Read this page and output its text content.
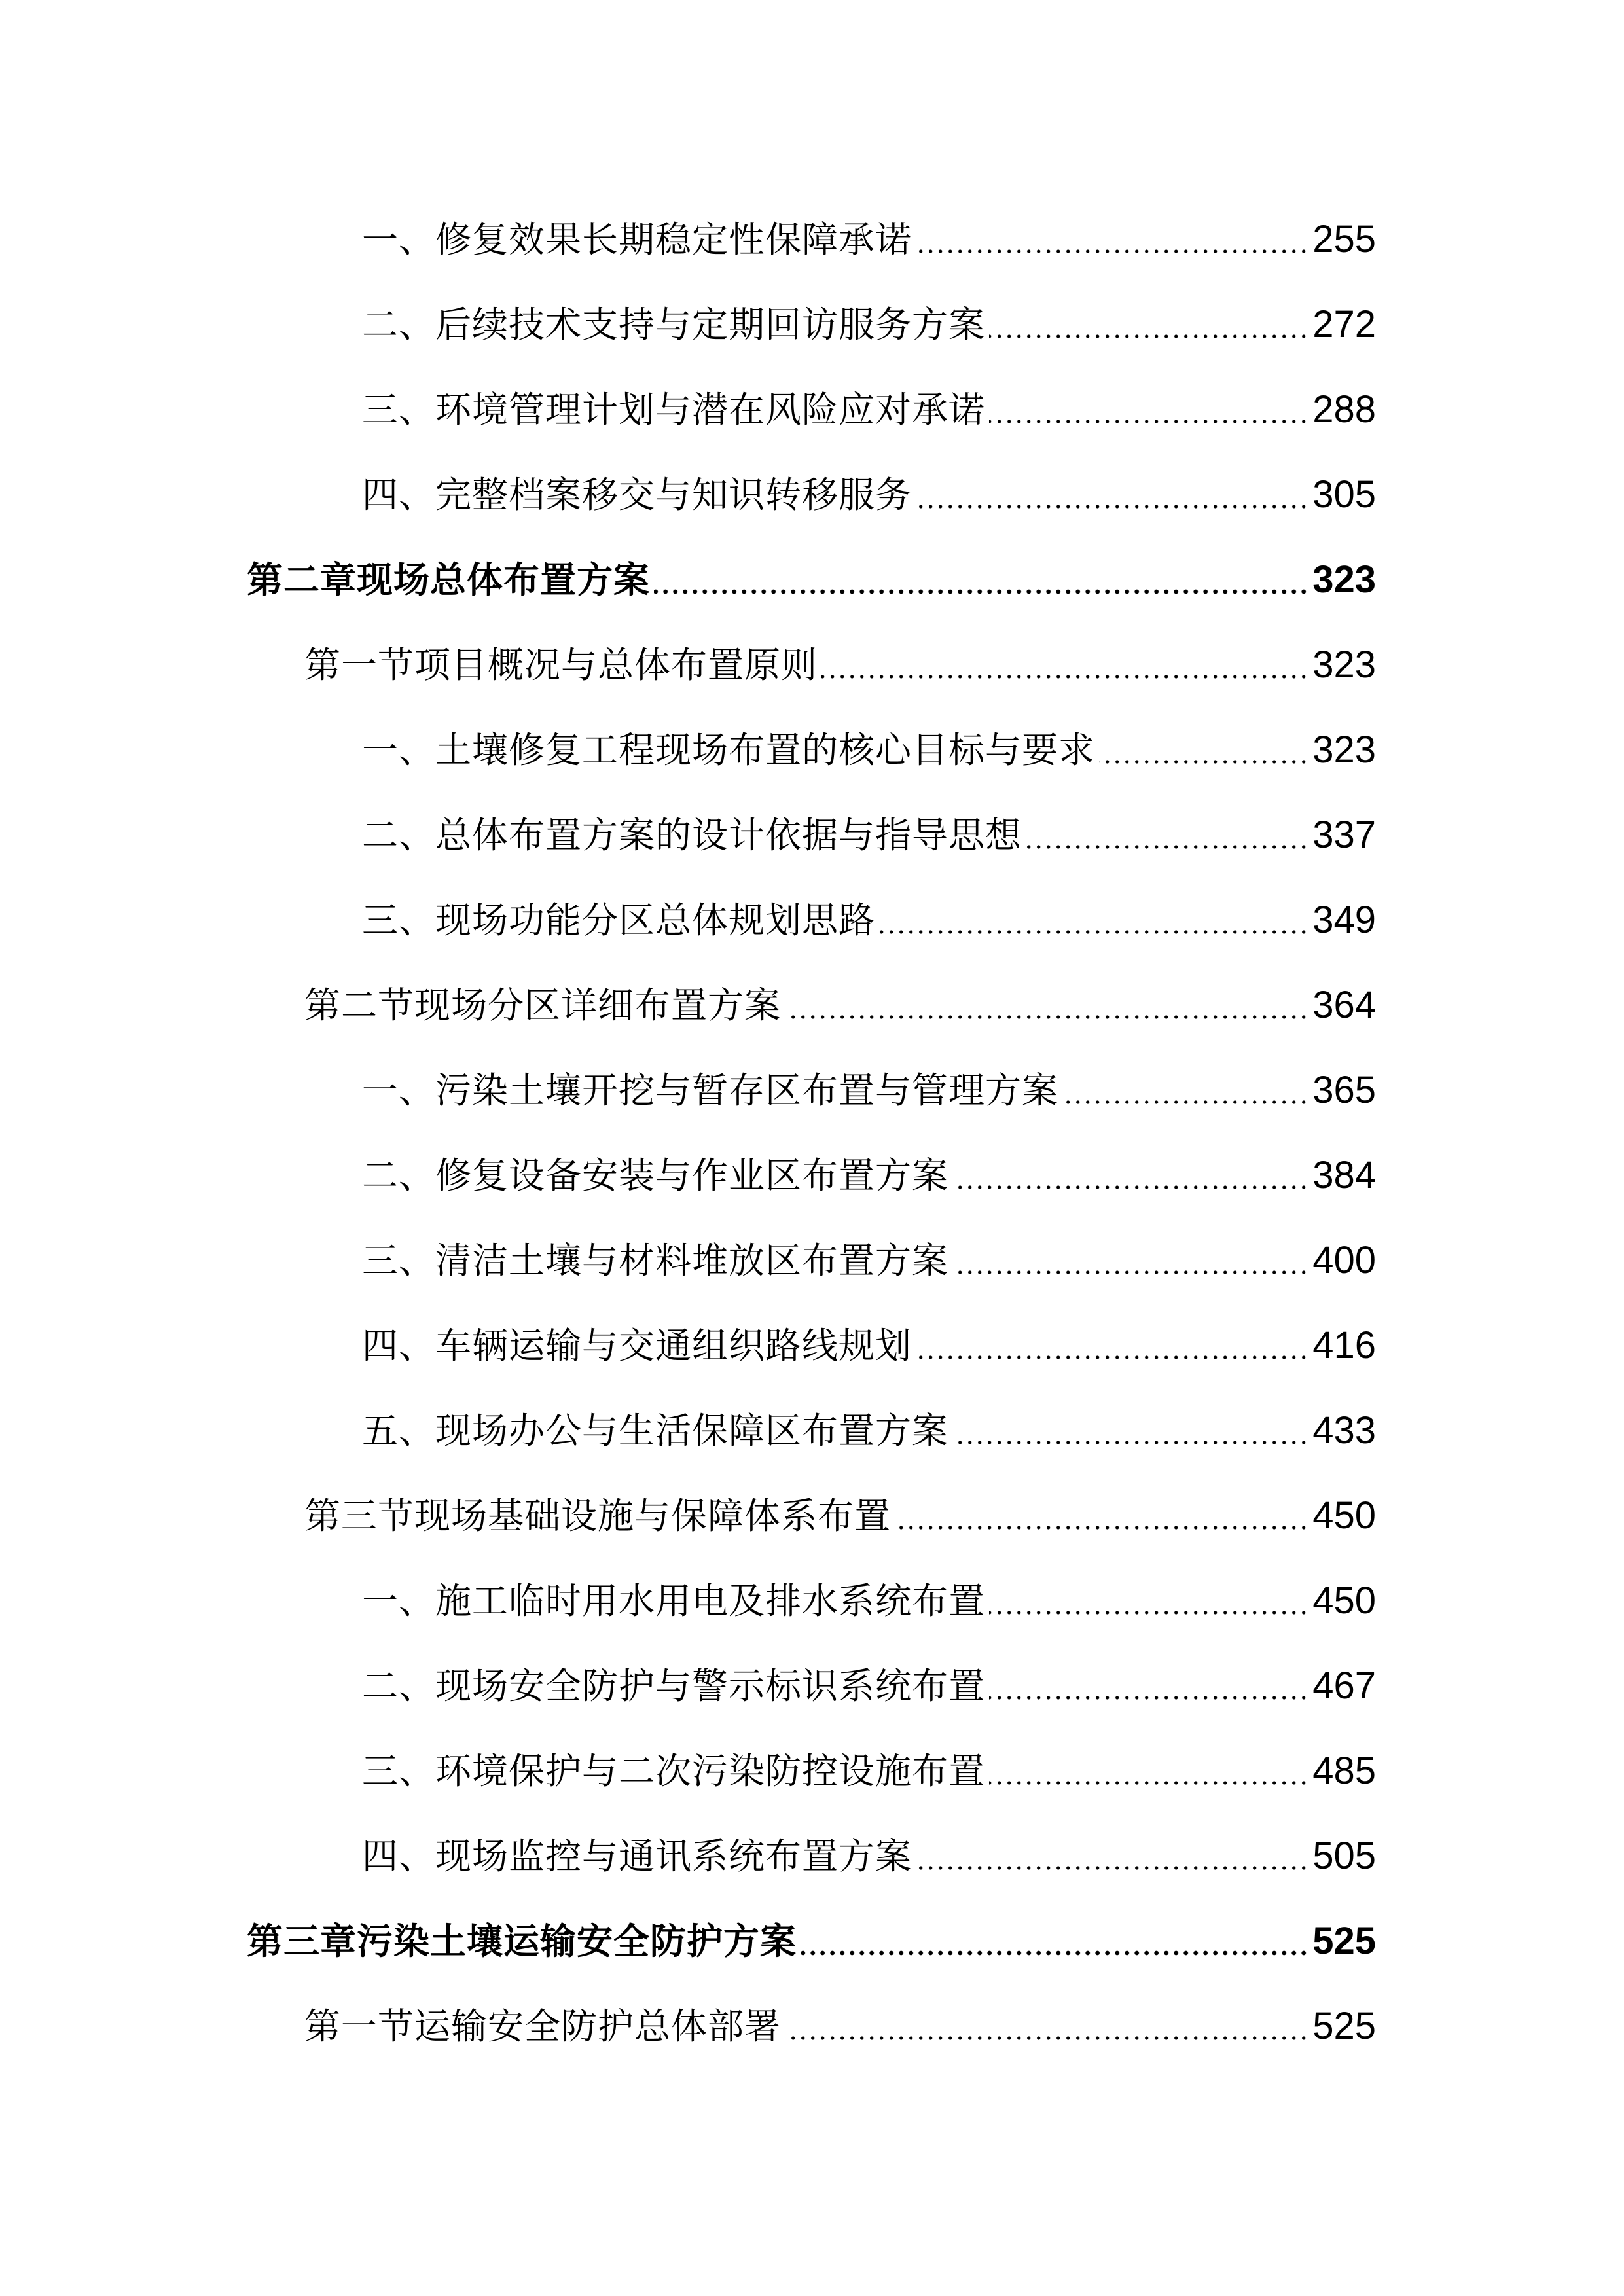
一、修复效果长期稳定性保障承诺	255
二、后续技术支持与定期回访服务方案	272
三、环境管理计划与潜在风险应对承诺	288
四、完整档案移交与知识转移服务	305
第二章现场总体布置方案	323
第一节项目概况与总体布置原则	323
一、土壤修复工程现场布置的核心目标与要求	323
二、总体布置方案的设计依据与指导思想	337
三、现场功能分区总体规划思路	349
第二节现场分区详细布置方案	364
一、污染土壤开挖与暂存区布置与管理方案	365
二、修复设备安装与作业区布置方案	384
三、清洁土壤与材料堆放区布置方案	400
四、车辆运输与交通组织路线规划	416
五、现场办公与生活保障区布置方案	433
第三节现场基础设施与保障体系布置	450
一、施工临时用水用电及排水系统布置	450
二、现场安全防护与警示标识系统布置	467
三、环境保护与二次污染防控设施布置	485
四、现场监控与通讯系统布置方案	505
第三章污染土壤运输安全防护方案	525
第一节运输安全防护总体部署	525
